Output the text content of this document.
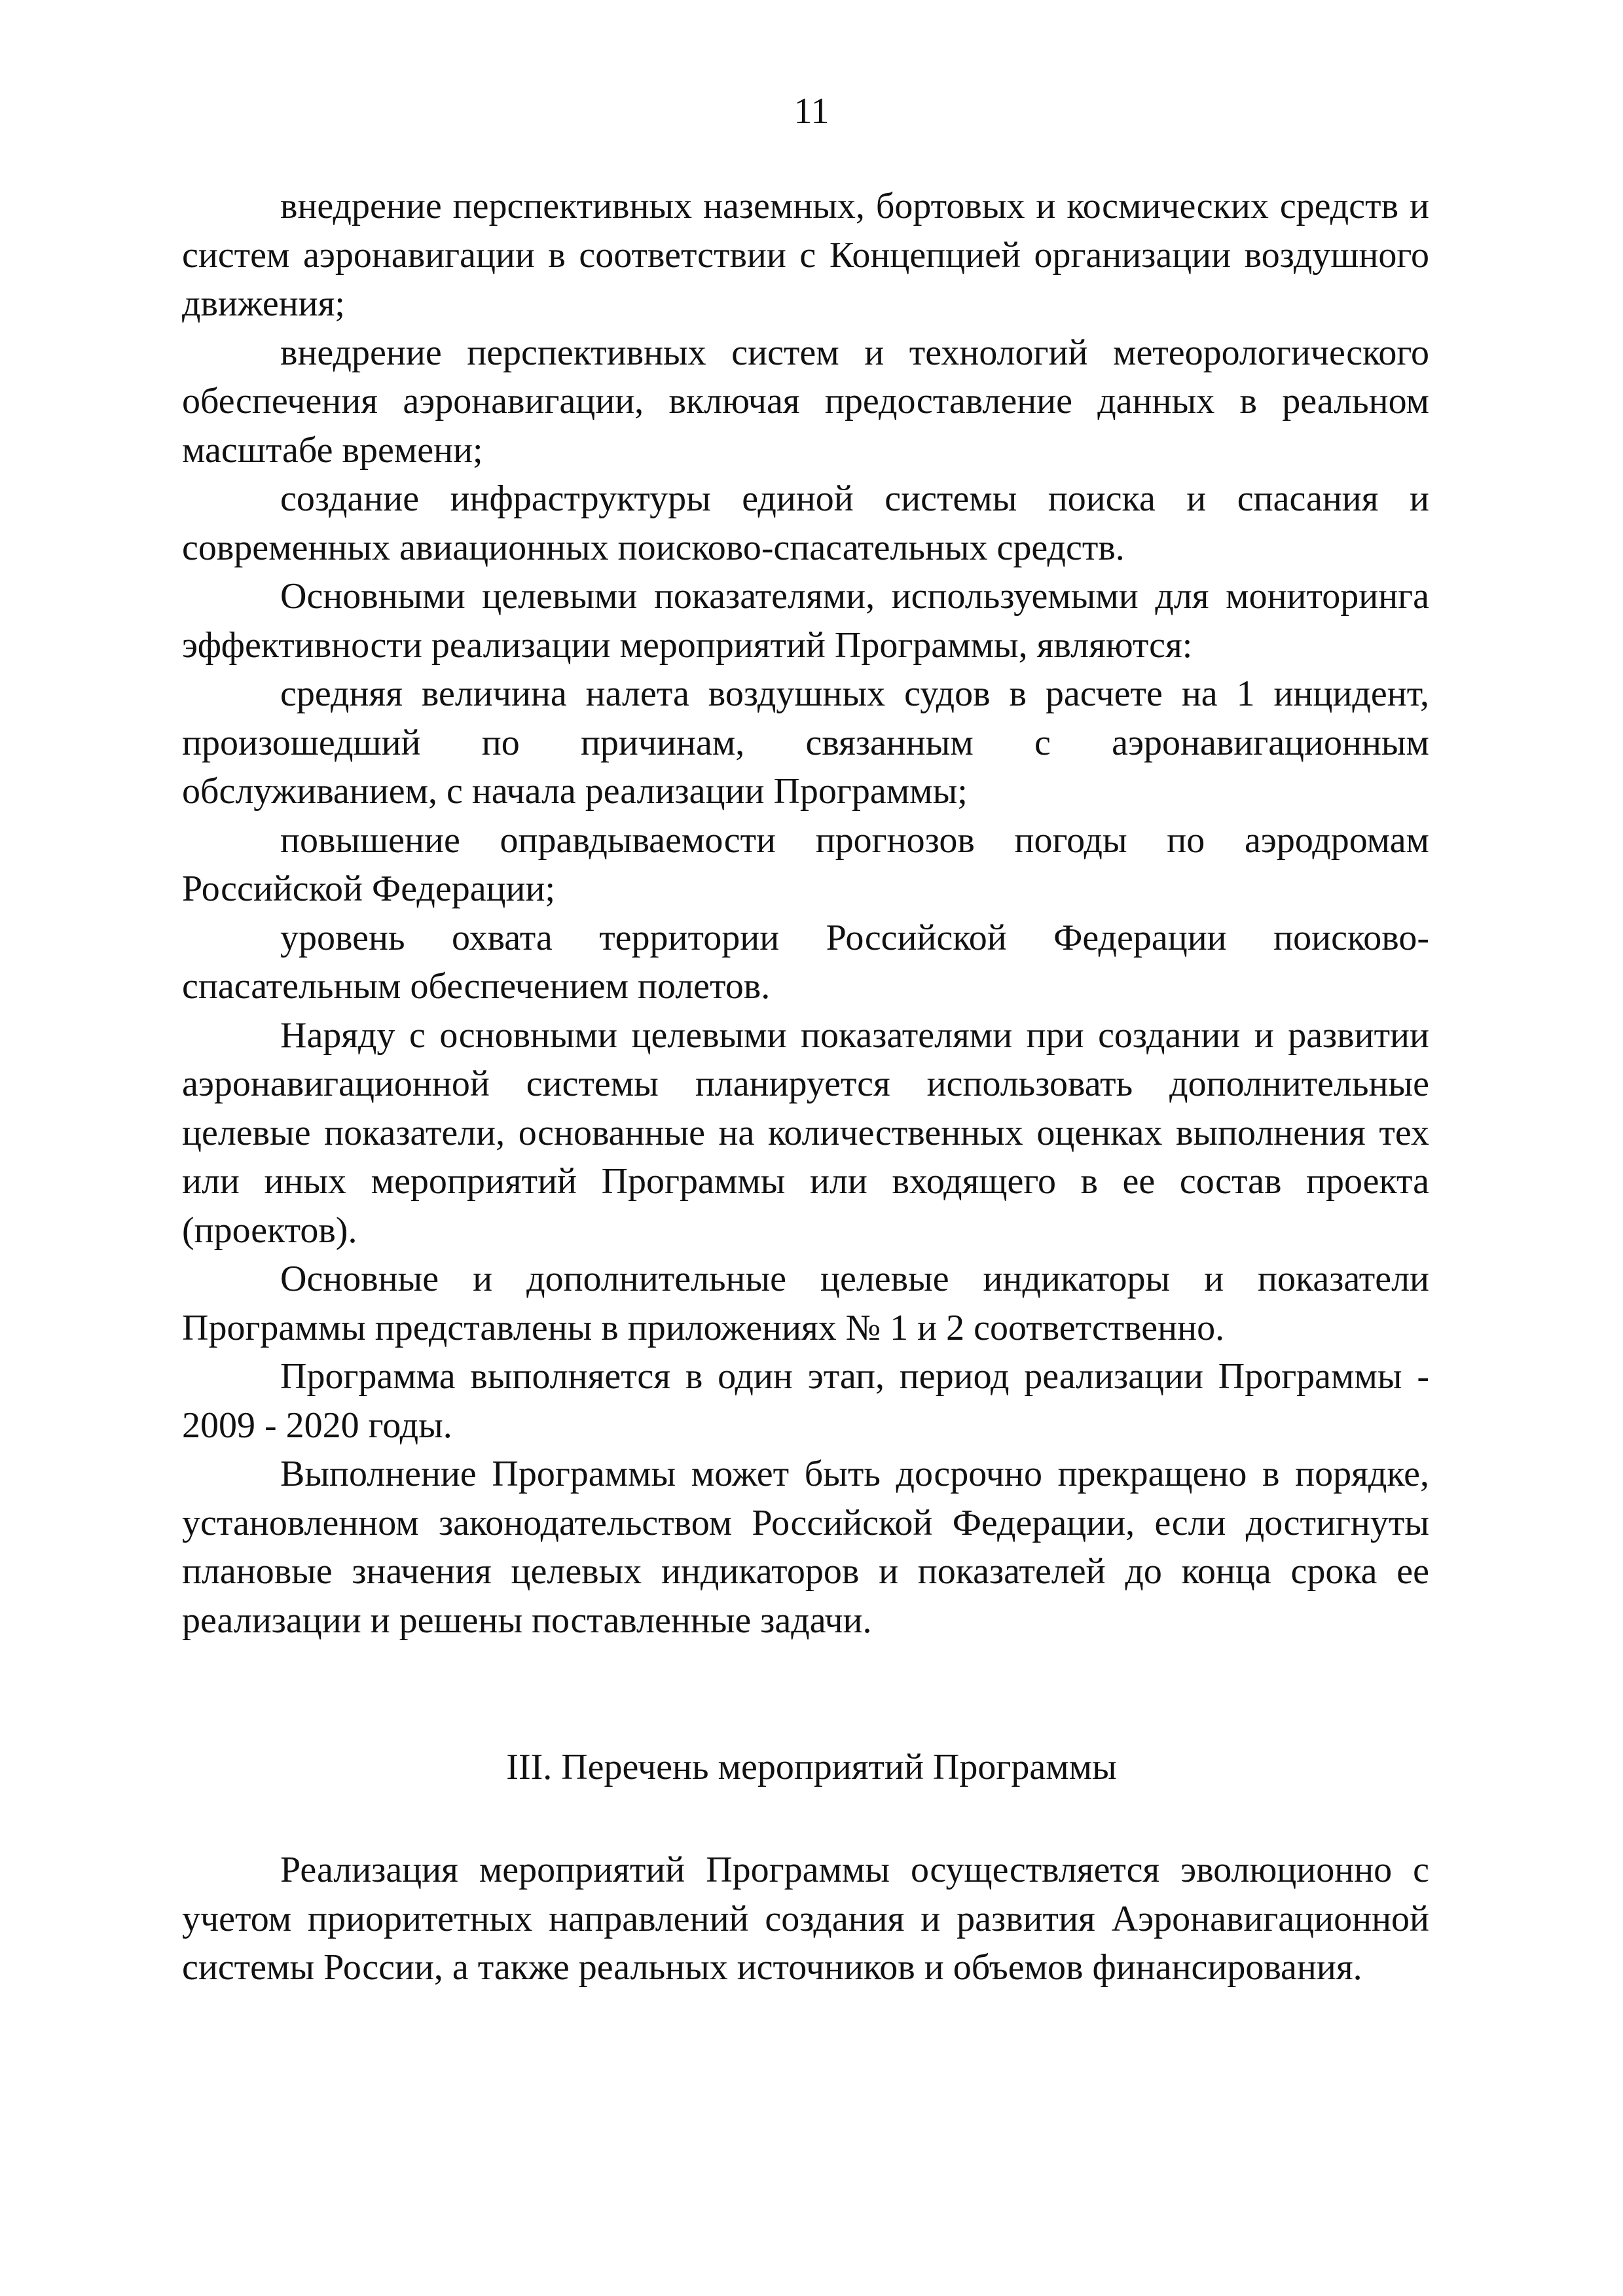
11

внедрение перспективных наземных, бортовых и космических средств и систем аэронавигации в соответствии с Концепцией организации воздушного движения;

внедрение перспективных систем и технологий метеорологического обеспечения аэронавигации, включая предоставление данных в реальном масштабе времени;

создание инфраструктуры единой системы поиска и спасания и современных авиационных поисково-спасательных средств.

Основными целевыми показателями, используемыми для мониторинга эффективности реализации мероприятий Программы, являются:

средняя величина налета воздушных судов в расчете на 1 инцидент, произошедший по причинам, связанным с аэронавигационным обслуживанием, с начала реализации Программы;

повышение оправдываемости прогнозов погоды по аэродромам Российской Федерации;

уровень охвата территории Российской Федерации поисково-спасательным обеспечением полетов.

Наряду с основными целевыми показателями при создании и развитии аэронавигационной системы планируется использовать дополнительные целевые показатели, основанные на количественных оценках выполнения тех или иных мероприятий Программы или входящего в ее состав проекта (проектов).

Основные и дополнительные целевые индикаторы и показатели Программы представлены в приложениях № 1 и 2 соответственно.

Программа выполняется в один этап, период реализации Программы - 2009 - 2020 годы.

Выполнение Программы может быть досрочно прекращено в порядке, установленном законодательством Российской Федерации, если достигнуты плановые значения целевых индикаторов и показателей до конца срока ее реализации и решены поставленные задачи.

III. Перечень мероприятий Программы

Реализация мероприятий Программы осуществляется эволюционно с учетом приоритетных направлений создания и развития Аэронавигационной системы России, а также реальных источников и объемов финансирования.
